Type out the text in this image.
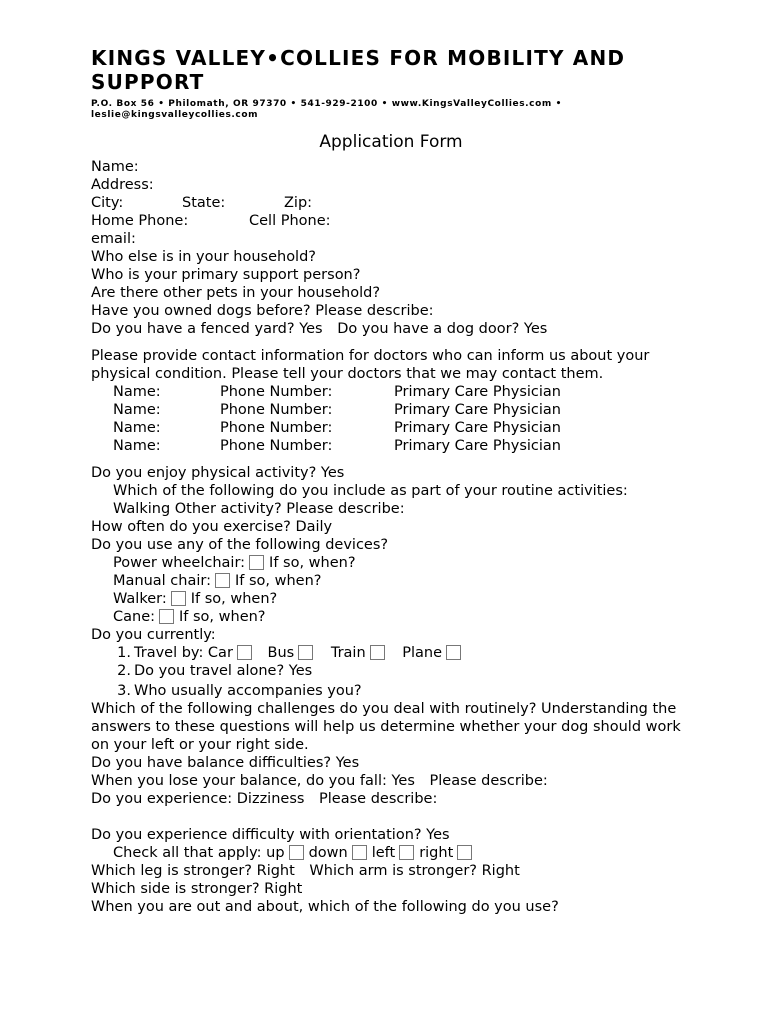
KINGS VALLEY•COLLIES FOR MOBILITY AND SUPPORT
P.O. Box 56 • Philomath, OR 97370 • 541-929-2100 • www.KingsValleyCollies.com •
leslie@kingsvalleycollies.com
Application Form
Name:
Address:
City:	State:	Zip:
Home Phone:	Cell Phone:
email:
Who else is in your household?
Who is your primary support person?
Are there other pets in your household?
Have you owned dogs before? Please describe:
Do you have a fenced yard? Yes Do you have a dog door? Yes
Please provide contact information for doctors who can inform us about your physical condition. Please tell your doctors that we may contact them.
Name:	Phone Number:	Primary Care Physician
Name:	Phone Number:	Primary Care Physician
Name:	Phone Number:	Primary Care Physician
Name:	Phone Number:	Primary Care Physician
Do you enjoy physical activity? Yes
Which of the following do you include as part of your routine activities:
Walking Other activity? Please describe:
How often do you exercise? Daily
Do you use any of the following devices?
Power wheelchair: If so, when?
Manual chair: If so, when?
Walker: If so, when?
Cane: If so, when?
Do you currently:
1. Travel by: Car Bus	Train	Plane
2. Do you travel alone? Yes
3. Who usually accompanies you?
Which of the following challenges do you deal with routinely? Understanding the answers to these questions will help us determine whether your dog should work on your left or your right side.
Do you have balance difficulties? Yes
When you lose your balance, do you fall: Yes Please describe:
Do you experience: Dizziness Please describe:
Do you experience difficulty with orientation? Yes
Check all that apply: up down left right
Which leg is stronger? Right Which arm is stronger? Right
Which side is stronger? Right
When you are out and about, which of the following do you use?
